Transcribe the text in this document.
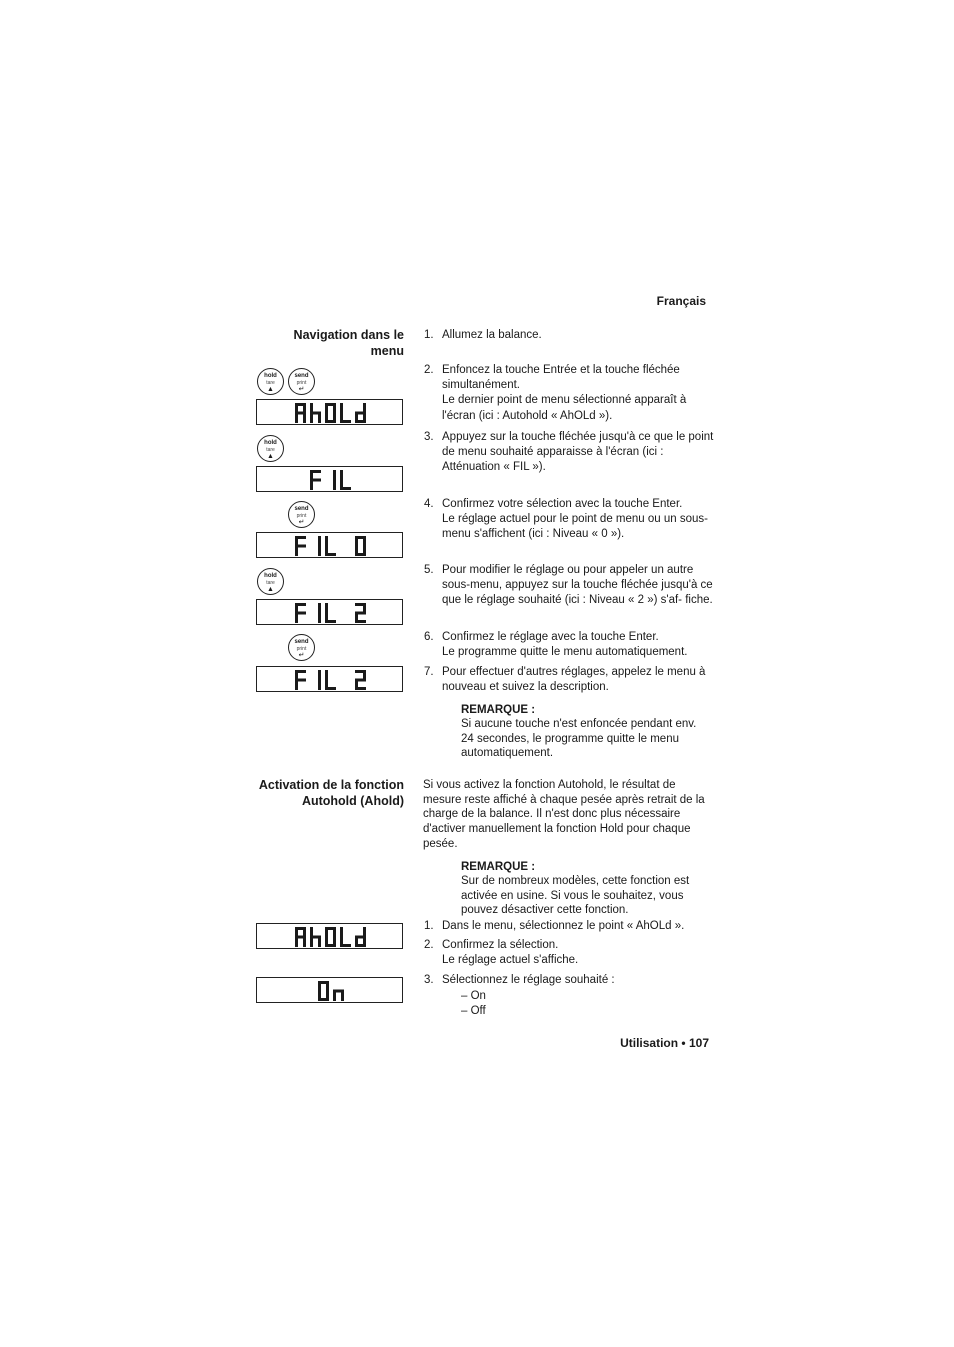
Français
Navigation dans le
menu
1. Allumez la balance.
2. Enfoncez la touche Entrée et la touche fléchée simultanément.
Le dernier point de menu sélectionné apparaît à l'écran (ici : Autohold « AhOLd »).
3. Appuyez sur la touche fléchée jusqu'à ce que le point de menu souhaité apparaisse à l'écran (ici : Atténuation « FIL »).
4. Confirmez votre sélection avec la touche Enter.
Le réglage actuel pour le point de menu ou un sous-menu s'affichent (ici : Niveau « 0 »).
5. Pour modifier le réglage ou pour appeler un autre sous-menu, appuyez sur la touche fléchée jusqu'à ce que le réglage souhaité (ici : Niveau « 2 ») s'af- fiche.
6. Confirmez le réglage avec la touche Enter.
Le programme quitte le menu automatiquement.
7. Pour effectuer d'autres réglages, appelez le menu à nouveau et suivez la description.
REMARQUE :
Si aucune touche n'est enfoncée pendant env. 24 secondes, le programme quitte le menu automatiquement.
Activation de la fonction
Autohold (Ahold)
Si vous activez la fonction Autohold, le résultat de mesure reste affiché à chaque pesée après retrait de la charge de la balance. Il n'est donc plus nécessaire d'activer manuellement la fonction Hold pour chaque pesée.
REMARQUE :
Sur de nombreux modèles, cette fonction est activée en usine. Si vous le souhaitez, vous pouvez désactiver cette fonction.
1. Dans le menu, sélectionnez le point « AhOLd ».
2. Confirmez la sélection.
Le réglage actuel s'affiche.
3. Sélectionnez le réglage souhaité :
– On
– Off
hold
tare
▲
send
print
↵
hold
tare
▲
send
print
↵
hold
tare
▲
send
print
↵
Utilisation • 107
